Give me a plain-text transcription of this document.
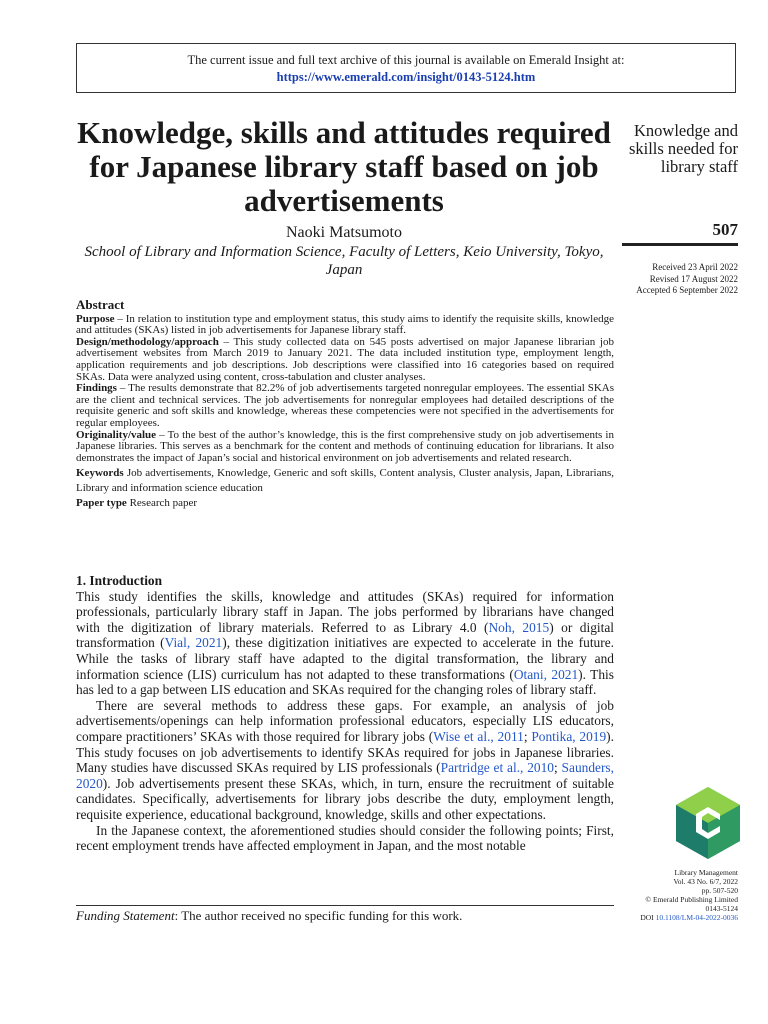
The current issue and full text archive of this journal is available on Emerald Insight at:
https://www.emerald.com/insight/0143-5124.htm
Knowledge, skills and attitudes required for Japanese library staff based on job advertisements
Naoki Matsumoto
School of Library and Information Science, Faculty of Letters, Keio University, Tokyo, Japan
Knowledge and skills needed for library staff
507
Received 23 April 2022
Revised 17 August 2022
Accepted 6 September 2022
Abstract

Purpose – In relation to institution type and employment status, this study aims to identify the requisite skills, knowledge and attitudes (SKAs) listed in job advertisements for Japanese library staff.

Design/methodology/approach – This study collected data on 545 posts advertised on major Japanese librarian job advertisement websites from March 2019 to January 2021. The data included institution type, employment length, application requirements and job descriptions. Job descriptions were classified into 16 categories based on required SKAs. Data were analyzed using content, cross-tabulation and cluster analyses.

Findings – The results demonstrate that 82.2% of job advertisements targeted nonregular employees. The essential SKAs are the client and technical services. The job advertisements for nonregular employees had detailed descriptions of the requisite generic and soft skills and knowledge, whereas these competencies were not specified in the advertisements for regular employees.

Originality/value – To the best of the author’s knowledge, this is the first comprehensive study on job advertisements in Japanese libraries. This serves as a benchmark for the content and methods of continuing education for librarians. It also demonstrates the impact of Japan’s social and historical environment on job advertisements and related research.

Keywords Job advertisements, Knowledge, Generic and soft skills, Content analysis, Cluster analysis, Japan, Librarians, Library and information science education

Paper type Research paper

1. Introduction

This study identifies the skills, knowledge and attitudes (SKAs) required for information professionals, particularly library staff in Japan. The jobs performed by librarians have changed with the digitization of library materials. Referred to as Library 4.0 (Noh, 2015) or digital transformation (Vial, 2021), these digitization initiatives are expected to accelerate in the future. While the tasks of library staff have adapted to the digital transformation, the library and information science (LIS) curriculum has not adapted to these transformations (Otani, 2021). This has led to a gap between LIS education and SKAs required for the changing roles of library staff.

There are several methods to address these gaps. For example, an analysis of job advertisements/openings can help information professional educators, especially LIS educators, compare practitioners’ SKAs with those required for library jobs (Wise et al., 2011; Pontika, 2019). This study focuses on job advertisements to identify SKAs required for jobs in Japanese libraries. Many studies have discussed SKAs required by LIS professionals (Partridge et al., 2010; Saunders, 2020). Job advertisements present these SKAs, which, in turn, ensure the recruitment of suitable candidates. Specifically, advertisements for library jobs describe the duty, employment length, requisite experience, educational background, knowledge, skills and other expectations.

In the Japanese context, the aforementioned studies should consider the following points; First, recent employment trends have affected employment in Japan, and the most notable

Funding Statement: The author received no specific funding for this work.
Library Management
Vol. 43 No. 6/7, 2022
pp. 507-520
© Emerald Publishing Limited
0143-5124
DOI 10.1108/LM-04-2022-0036
